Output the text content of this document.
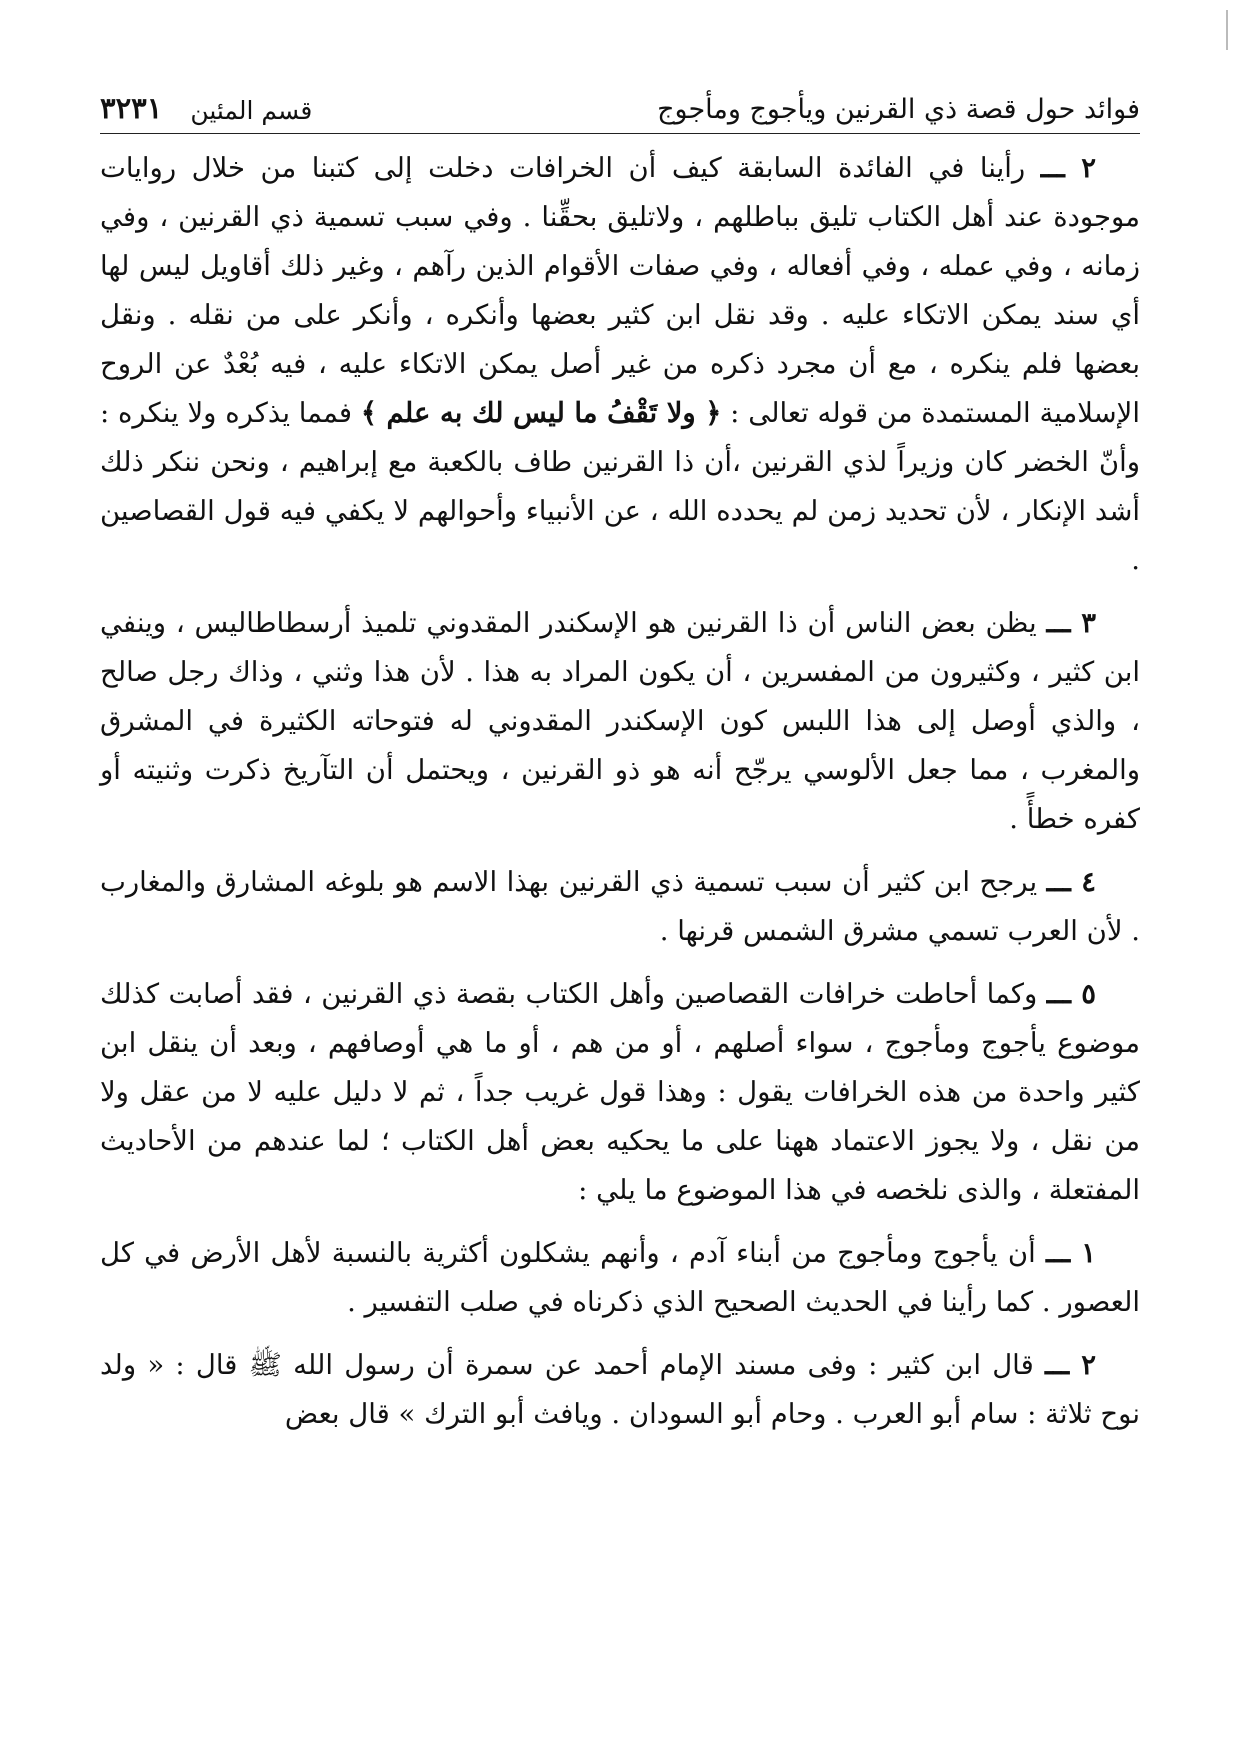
فوائد حول قصة ذي القرنين ويأجوج ومأجوج
قسم المئين
٣٢٣١

٢ ـــ رأينا في الفائدة السابقة كيف أن الخرافات دخلت إلى كتبنا من خلال روايات موجودة عند أهل الكتاب تليق بباطلهم ، ولاتليق بحقِّنا . وفي سبب تسمية ذي القرنين ، وفي زمانه ، وفي عمله ، وفي أفعاله ، وفي صفات الأقوام الذين رآهم ، وغير ذلك أقاويل ليس لها أي سند يمكن الاتكاء عليه . وقد نقل ابن كثير بعضها وأنكره ، وأنكر على من نقله . ونقل بعضها فلم ينكره ، مع أن مجرد ذكره من غير أصل يمكن الاتكاء عليه ، فيه بُعْدٌ عن الروح الإسلامية المستمدة من قوله تعالى : ﴿ ولا تَقْفُ ما ليس لك به علم ﴾ فمما يذكره ولا ينكره : وأنّ الخضر كان وزيراً لذي القرنين ،أن ذا القرنين طاف بالكعبة مع إبراهيم ، ونحن ننكر ذلك أشد الإنكار ، لأن تحديد زمن لم يحدده الله ، عن الأنبياء وأحوالهم لا يكفي فيه قول القصاصين .

٣ ـــ يظن بعض الناس أن ذا القرنين هو الإسكندر المقدوني تلميذ أرسطاطاليس ، وينفي ابن كثير ، وكثيرون من المفسرين ، أن يكون المراد به هذا . لأن هذا وثني ، وذاك رجل صالح ، والذي أوصل إلى هذا اللبس كون الإسكندر المقدوني له فتوحاته الكثيرة في المشرق والمغرب ، مما جعل الألوسي يرجّح أنه هو ذو القرنين ، ويحتمل أن التآريخ ذكرت وثنيته أو كفره خطأً .

٤ ـــ يرجح ابن كثير أن سبب تسمية ذي القرنين بهذا الاسم هو بلوغه المشارق والمغارب . لأن العرب تسمي مشرق الشمس قرنها .

٥ ـــ وكما أحاطت خرافات القصاصين وأهل الكتاب بقصة ذي القرنين ، فقد أصابت كذلك موضوع يأجوج ومأجوج ، سواء أصلهم ، أو من هم ، أو ما هي أوصافهم ، وبعد أن ينقل ابن كثير واحدة من هذه الخرافات يقول : وهذا قول غريب جداً ، ثم لا دليل عليه لا من عقل ولا من نقل ، ولا يجوز الاعتماد ههنا على ما يحكيه بعض أهل الكتاب ؛ لما عندهم من الأحاديث المفتعلة ، والذى نلخصه في هذا الموضوع ما يلي :

١ ـــ أن يأجوج ومأجوج من أبناء آدم ، وأنهم يشكلون أكثرية بالنسبة لأهل الأرض في كل العصور . كما رأينا في الحديث الصحيح الذي ذكرناه في صلب التفسير .

٢ ـــ قال ابن كثير : وفى مسند الإمام أحمد عن سمرة أن رسول الله ﷺ قال : « ولد نوح ثلاثة : سام أبو العرب . وحام أبو السودان . ويافث أبو الترك » قال بعض
